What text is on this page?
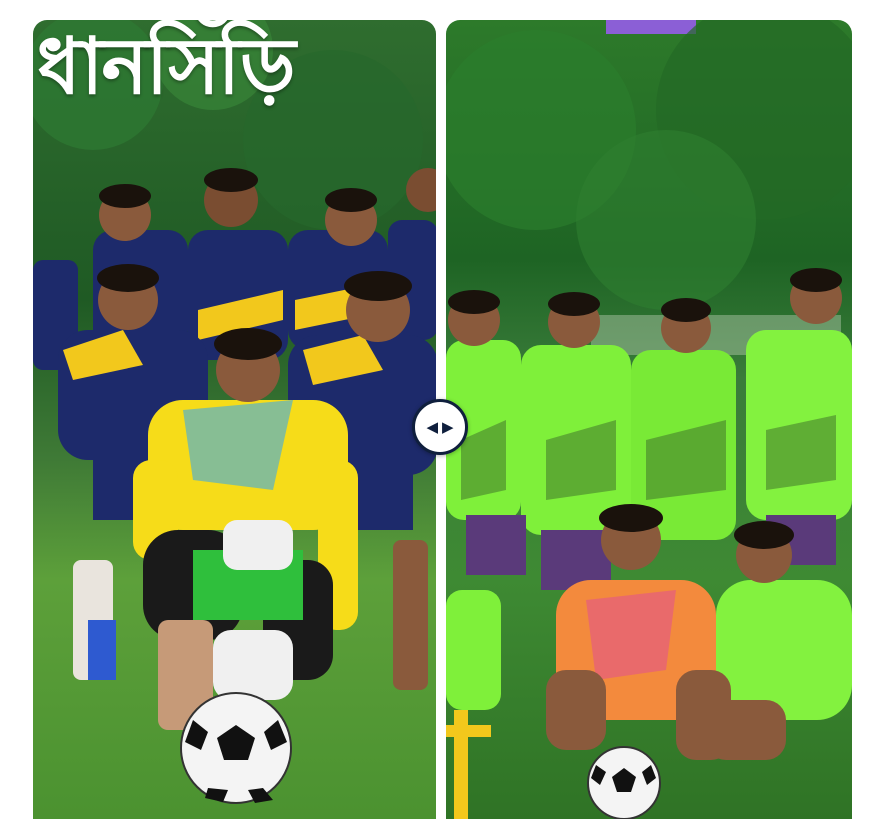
ধানসিঁড়ি
◀ ▶
